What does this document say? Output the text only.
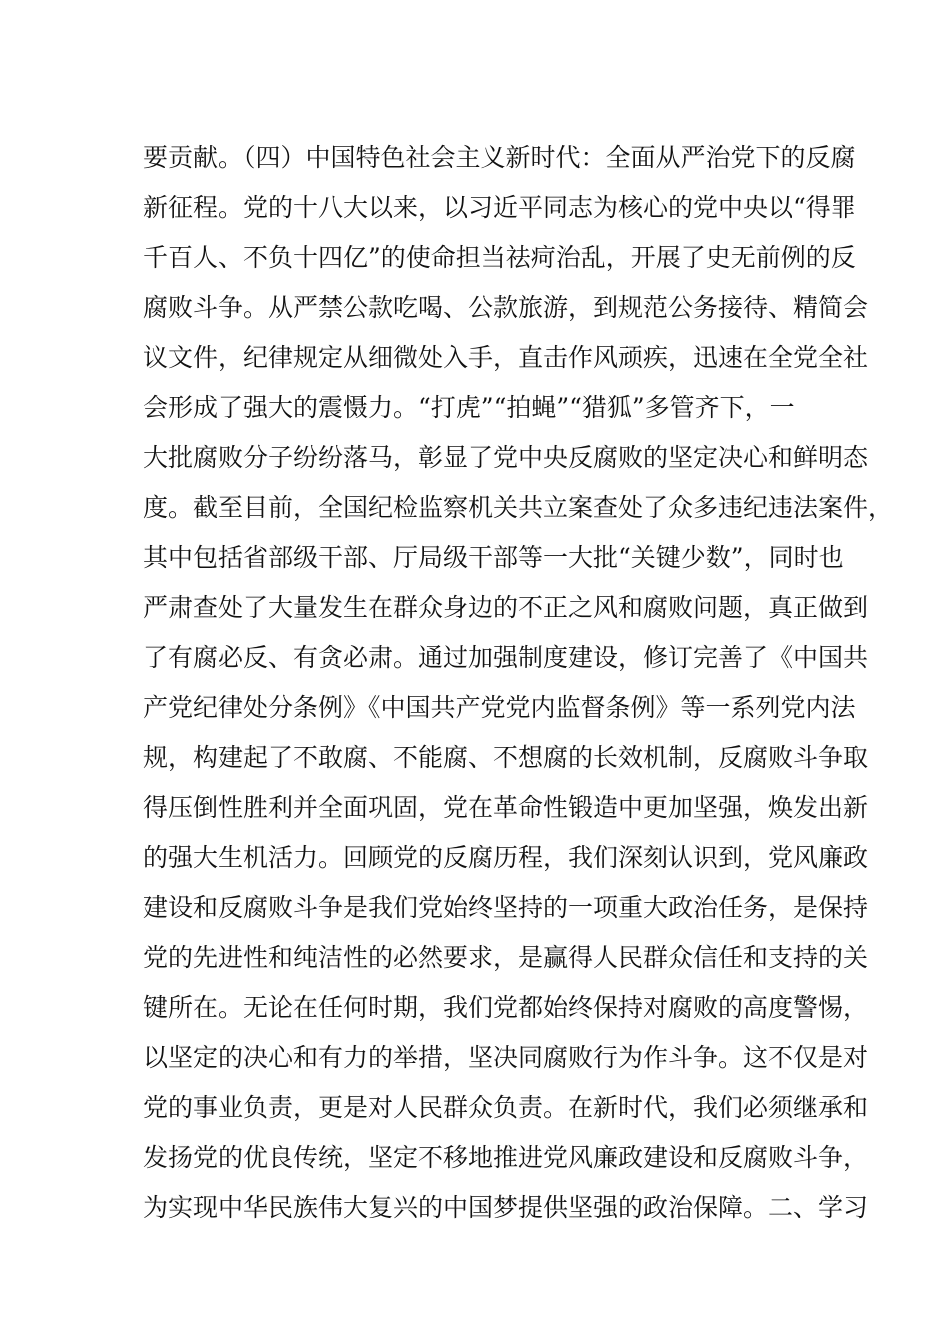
要贡献。（四）中国特色社会主义新时代：全面从严治党下的反腐
新征程。党的十八大以来，以习近平同志为核心的党中央以“得罪
千百人、不负十四亿”的使命担当祛疴治乱，开展了史无前例的反
腐败斗争。从严禁公款吃喝、公款旅游，到规范公务接待、精简会
议文件，纪律规定从细微处入手，直击作风顽疾，迅速在全党全社
会形成了强大的震慑力。“打虎”“拍蝇”“猎狐”多管齐下，一
大批腐败分子纷纷落马，彰显了党中央反腐败的坚定决心和鲜明态
度。截至目前，全国纪检监察机关共立案查处了众多违纪违法案件，
其中包括省部级干部、厅局级干部等一大批“关键少数”，同时也
严肃查处了大量发生在群众身边的不正之风和腐败问题，真正做到
了有腐必反、有贪必肃。通过加强制度建设，修订完善了《中国共
产党纪律处分条例》《中国共产党党内监督条例》等一系列党内法
规，构建起了不敢腐、不能腐、不想腐的长效机制，反腐败斗争取
得压倒性胜利并全面巩固，党在革命性锻造中更加坚强，焕发出新
的强大生机活力。回顾党的反腐历程，我们深刻认识到，党风廉政
建设和反腐败斗争是我们党始终坚持的一项重大政治任务，是保持
党的先进性和纯洁性的必然要求，是赢得人民群众信任和支持的关
键所在。无论在任何时期，我们党都始终保持对腐败的高度警惕，
以坚定的决心和有力的举措，坚决同腐败行为作斗争。这不仅是对
党的事业负责，更是对人民群众负责。在新时代，我们必须继承和
发扬党的优良传统，坚定不移地推进党风廉政建设和反腐败斗争，
为实现中华民族伟大复兴的中国梦提供坚强的政治保障。二、学习
